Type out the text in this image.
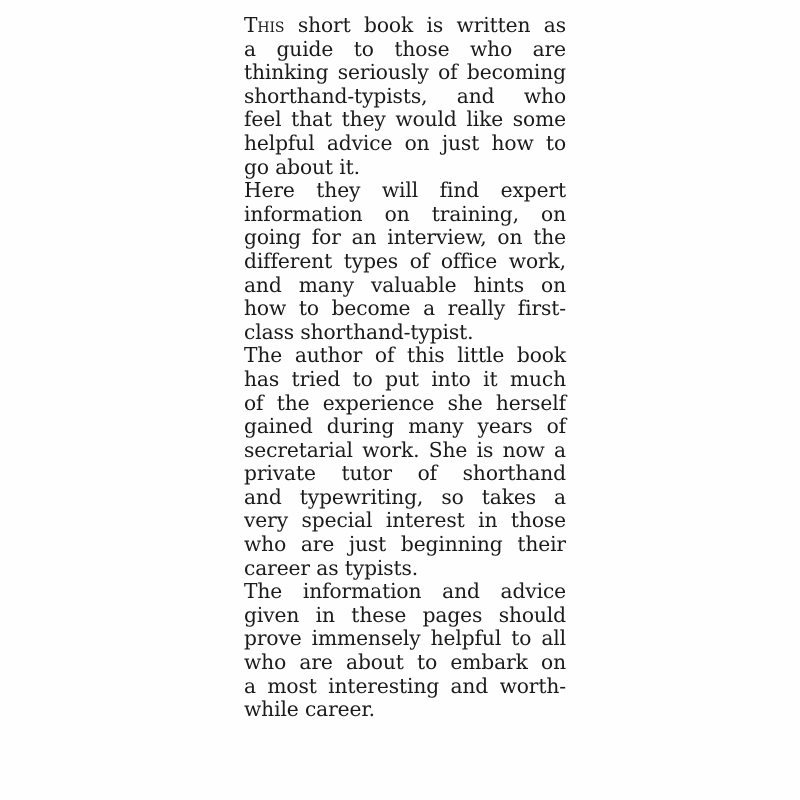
This short book is written as
a guide to those who are
thinking seriously of becoming
shorthand-typists, and who
feel that they would like some
helpful advice on just how to
go about it.
Here they will find expert
information on training, on
going for an interview, on the
different types of office work,
and many valuable hints on
how to become a really first-
class shorthand-typist.
The author of this little book
has tried to put into it much
of the experience she herself
gained during many years of
secretarial work. She is now a
private tutor of shorthand
and typewriting, so takes a
very special interest in those
who are just beginning their
career as typists.
The information and advice
given in these pages should
prove immensely helpful to all
who are about to embark on
a most interesting and worth-
while career.
